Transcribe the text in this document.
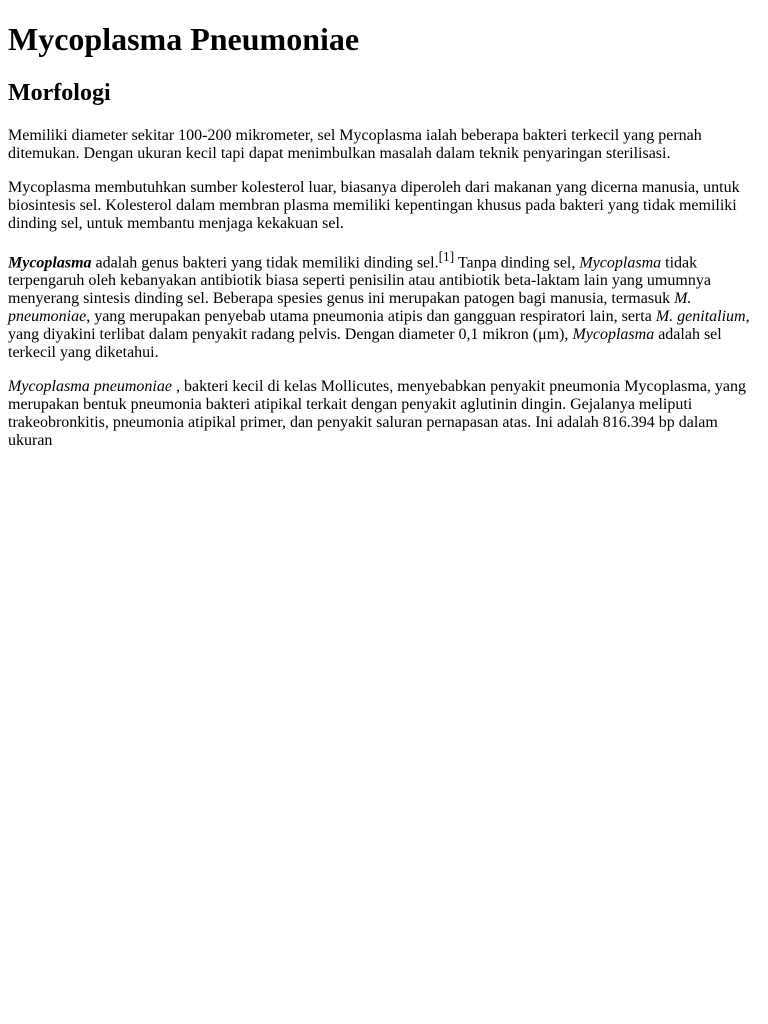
Mycoplasma Pneumoniae
Morfologi

Memiliki diameter sekitar 100-200 mikrometer, sel Mycoplasma ialah beberapa bakteri terkecil yang pernah ditemukan. Dengan ukuran kecil tapi dapat menimbulkan masalah dalam teknik penyaringan sterilisasi.

Mycoplasma membutuhkan sumber kolesterol luar, biasanya diperoleh dari makanan yang dicerna manusia, untuk biosintesis sel. Kolesterol dalam membran plasma memiliki kepentingan khusus pada bakteri yang tidak memiliki dinding sel, untuk membantu menjaga kekakuan sel.

Mycoplasma adalah genus bakteri yang tidak memiliki dinding sel.[1] Tanpa dinding sel, Mycoplasma tidak terpengaruh oleh kebanyakan antibiotik biasa seperti penisilin atau antibiotik beta-laktam lain yang umumnya menyerang sintesis dinding sel. Beberapa spesies genus ini merupakan patogen bagi manusia, termasuk M. pneumoniae, yang merupakan penyebab utama pneumonia atipis dan gangguan respiratori lain, serta M. genitalium, yang diyakini terlibat dalam penyakit radang pelvis. Dengan diameter 0,1 mikron (μm), Mycoplasma adalah sel terkecil yang diketahui.

Mycoplasma pneumoniae , bakteri kecil di kelas Mollicutes, menyebabkan penyakit pneumonia Mycoplasma, yang merupakan bentuk pneumonia bakteri atipikal terkait dengan penyakit aglutinin dingin. Gejalanya meliputi trakeobronkitis, pneumonia atipikal primer, dan penyakit saluran pernapasan atas. Ini adalah 816.394 bp dalam ukuran
